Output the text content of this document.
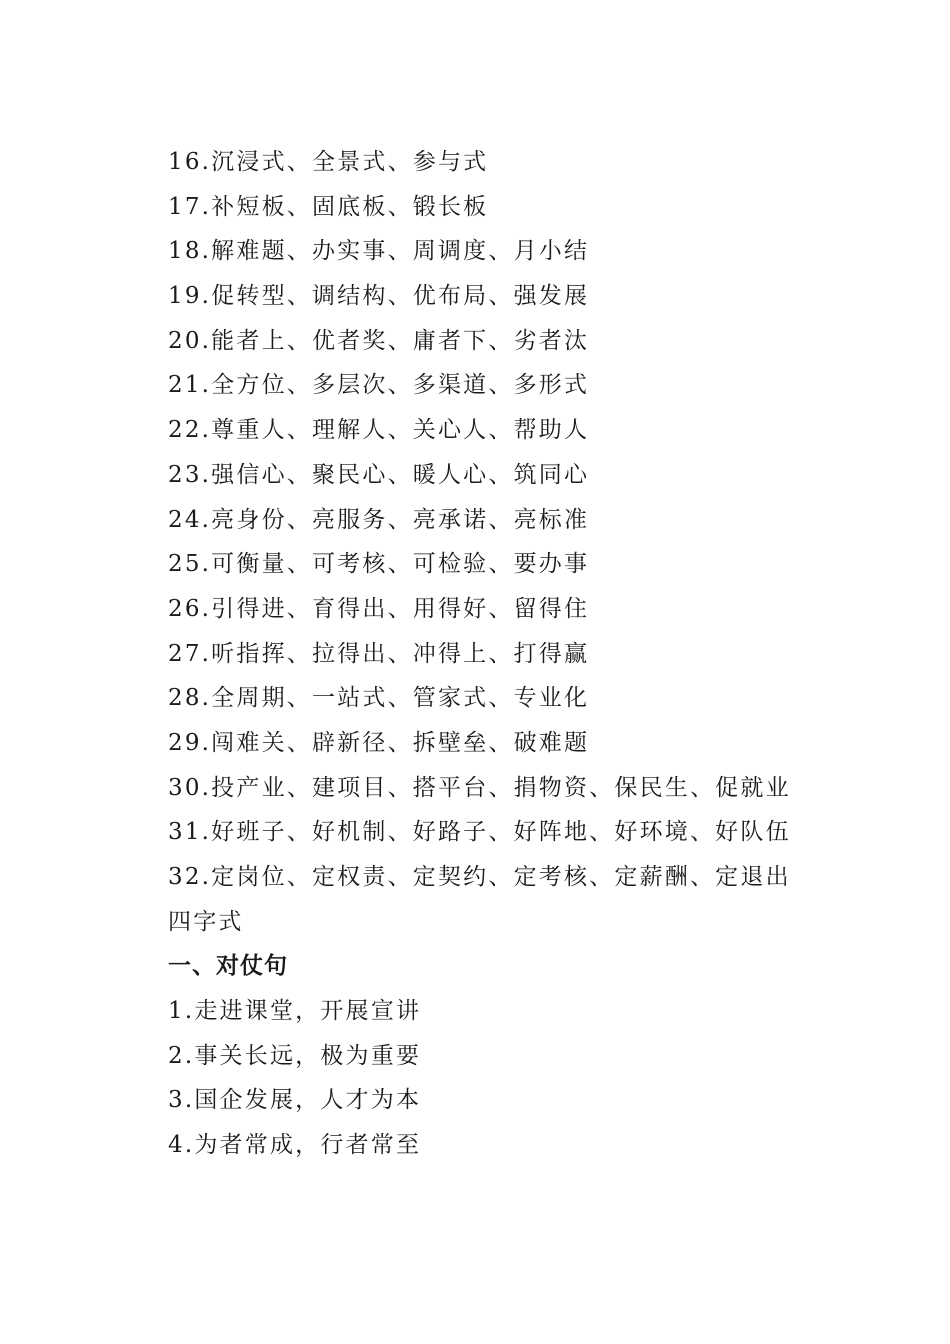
16.沉浸式、全景式、参与式
17.补短板、固底板、锻长板
18.解难题、办实事、周调度、月小结
19.促转型、调结构、优布局、强发展
20.能者上、优者奖、庸者下、劣者汰
21.全方位、多层次、多渠道、多形式
22.尊重人、理解人、关心人、帮助人
23.强信心、聚民心、暖人心、筑同心
24.亮身份、亮服务、亮承诺、亮标准
25.可衡量、可考核、可检验、要办事
26.引得进、育得出、用得好、留得住
27.听指挥、拉得出、冲得上、打得赢
28.全周期、一站式、管家式、专业化
29.闯难关、辟新径、拆壁垒、破难题
30.投产业、建项目、搭平台、捐物资、保民生、促就业
31.好班子、好机制、好路子、好阵地、好环境、好队伍
32.定岗位、定权责、定契约、定考核、定薪酬、定退出
四字式
一、对仗句
1.走进课堂，开展宣讲
2.事关长远，极为重要
3.国企发展，人才为本
4.为者常成，行者常至
